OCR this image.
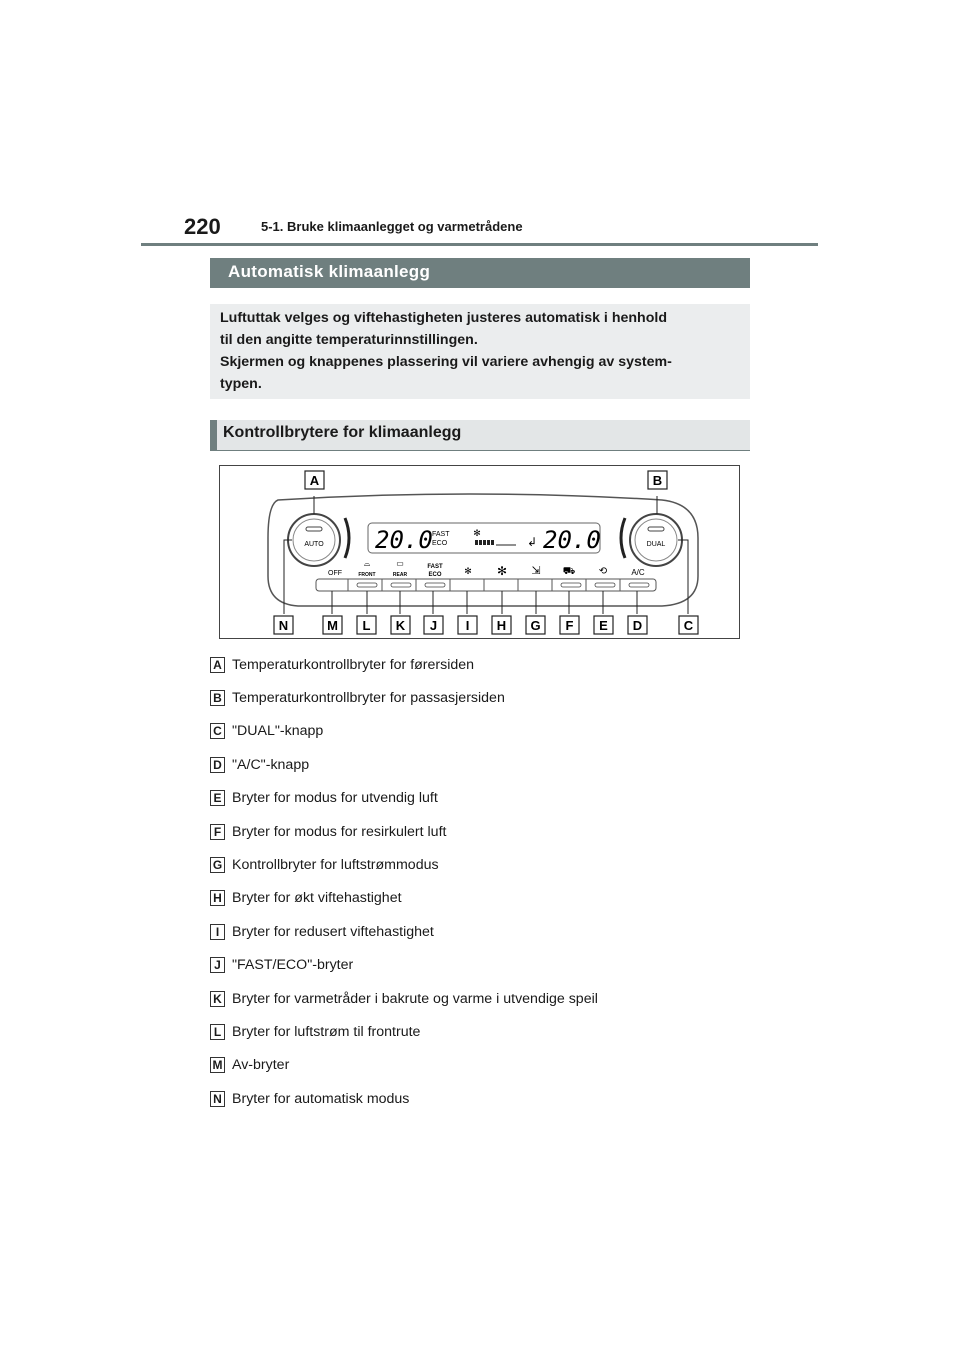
220	5-1. Bruke klimaanlegget og varmetrådene
Automatisk klimaanlegg
Luftuttak velges og viftehastigheten justeres automatisk i henhold
til den angitte temperaturinnstillingen.
Skjermen og knappenes plassering vil variere avhengig av system-
typen.
Kontrollbrytere for klimaanlegg
AUTO	DUAL
20.0 FAST
ECO
✻
↲ 20.0
OFF
⌓
FRONT
▭
REAR
FAST
ECO	✻ ✻ ⇲ ⛟ ⟲	A/C
A	B
N	M L K J I H G F E D	C
A Temperaturkontrollbryter for førersiden
B Temperaturkontrollbryter for passasjersiden
C "DUAL"-knapp
D "A/C"-knapp
E Bryter for modus for utvendig luft
F Bryter for modus for resirkulert luft
G Kontrollbryter for luftstrømmodus
H Bryter for økt viftehastighet
I Bryter for redusert viftehastighet
J "FAST/ECO"-bryter
K Bryter for varmetråder i bakrute og varme i utvendige speil
L Bryter for luftstrøm til frontrute
M Av-bryter
N Bryter for automatisk modus
